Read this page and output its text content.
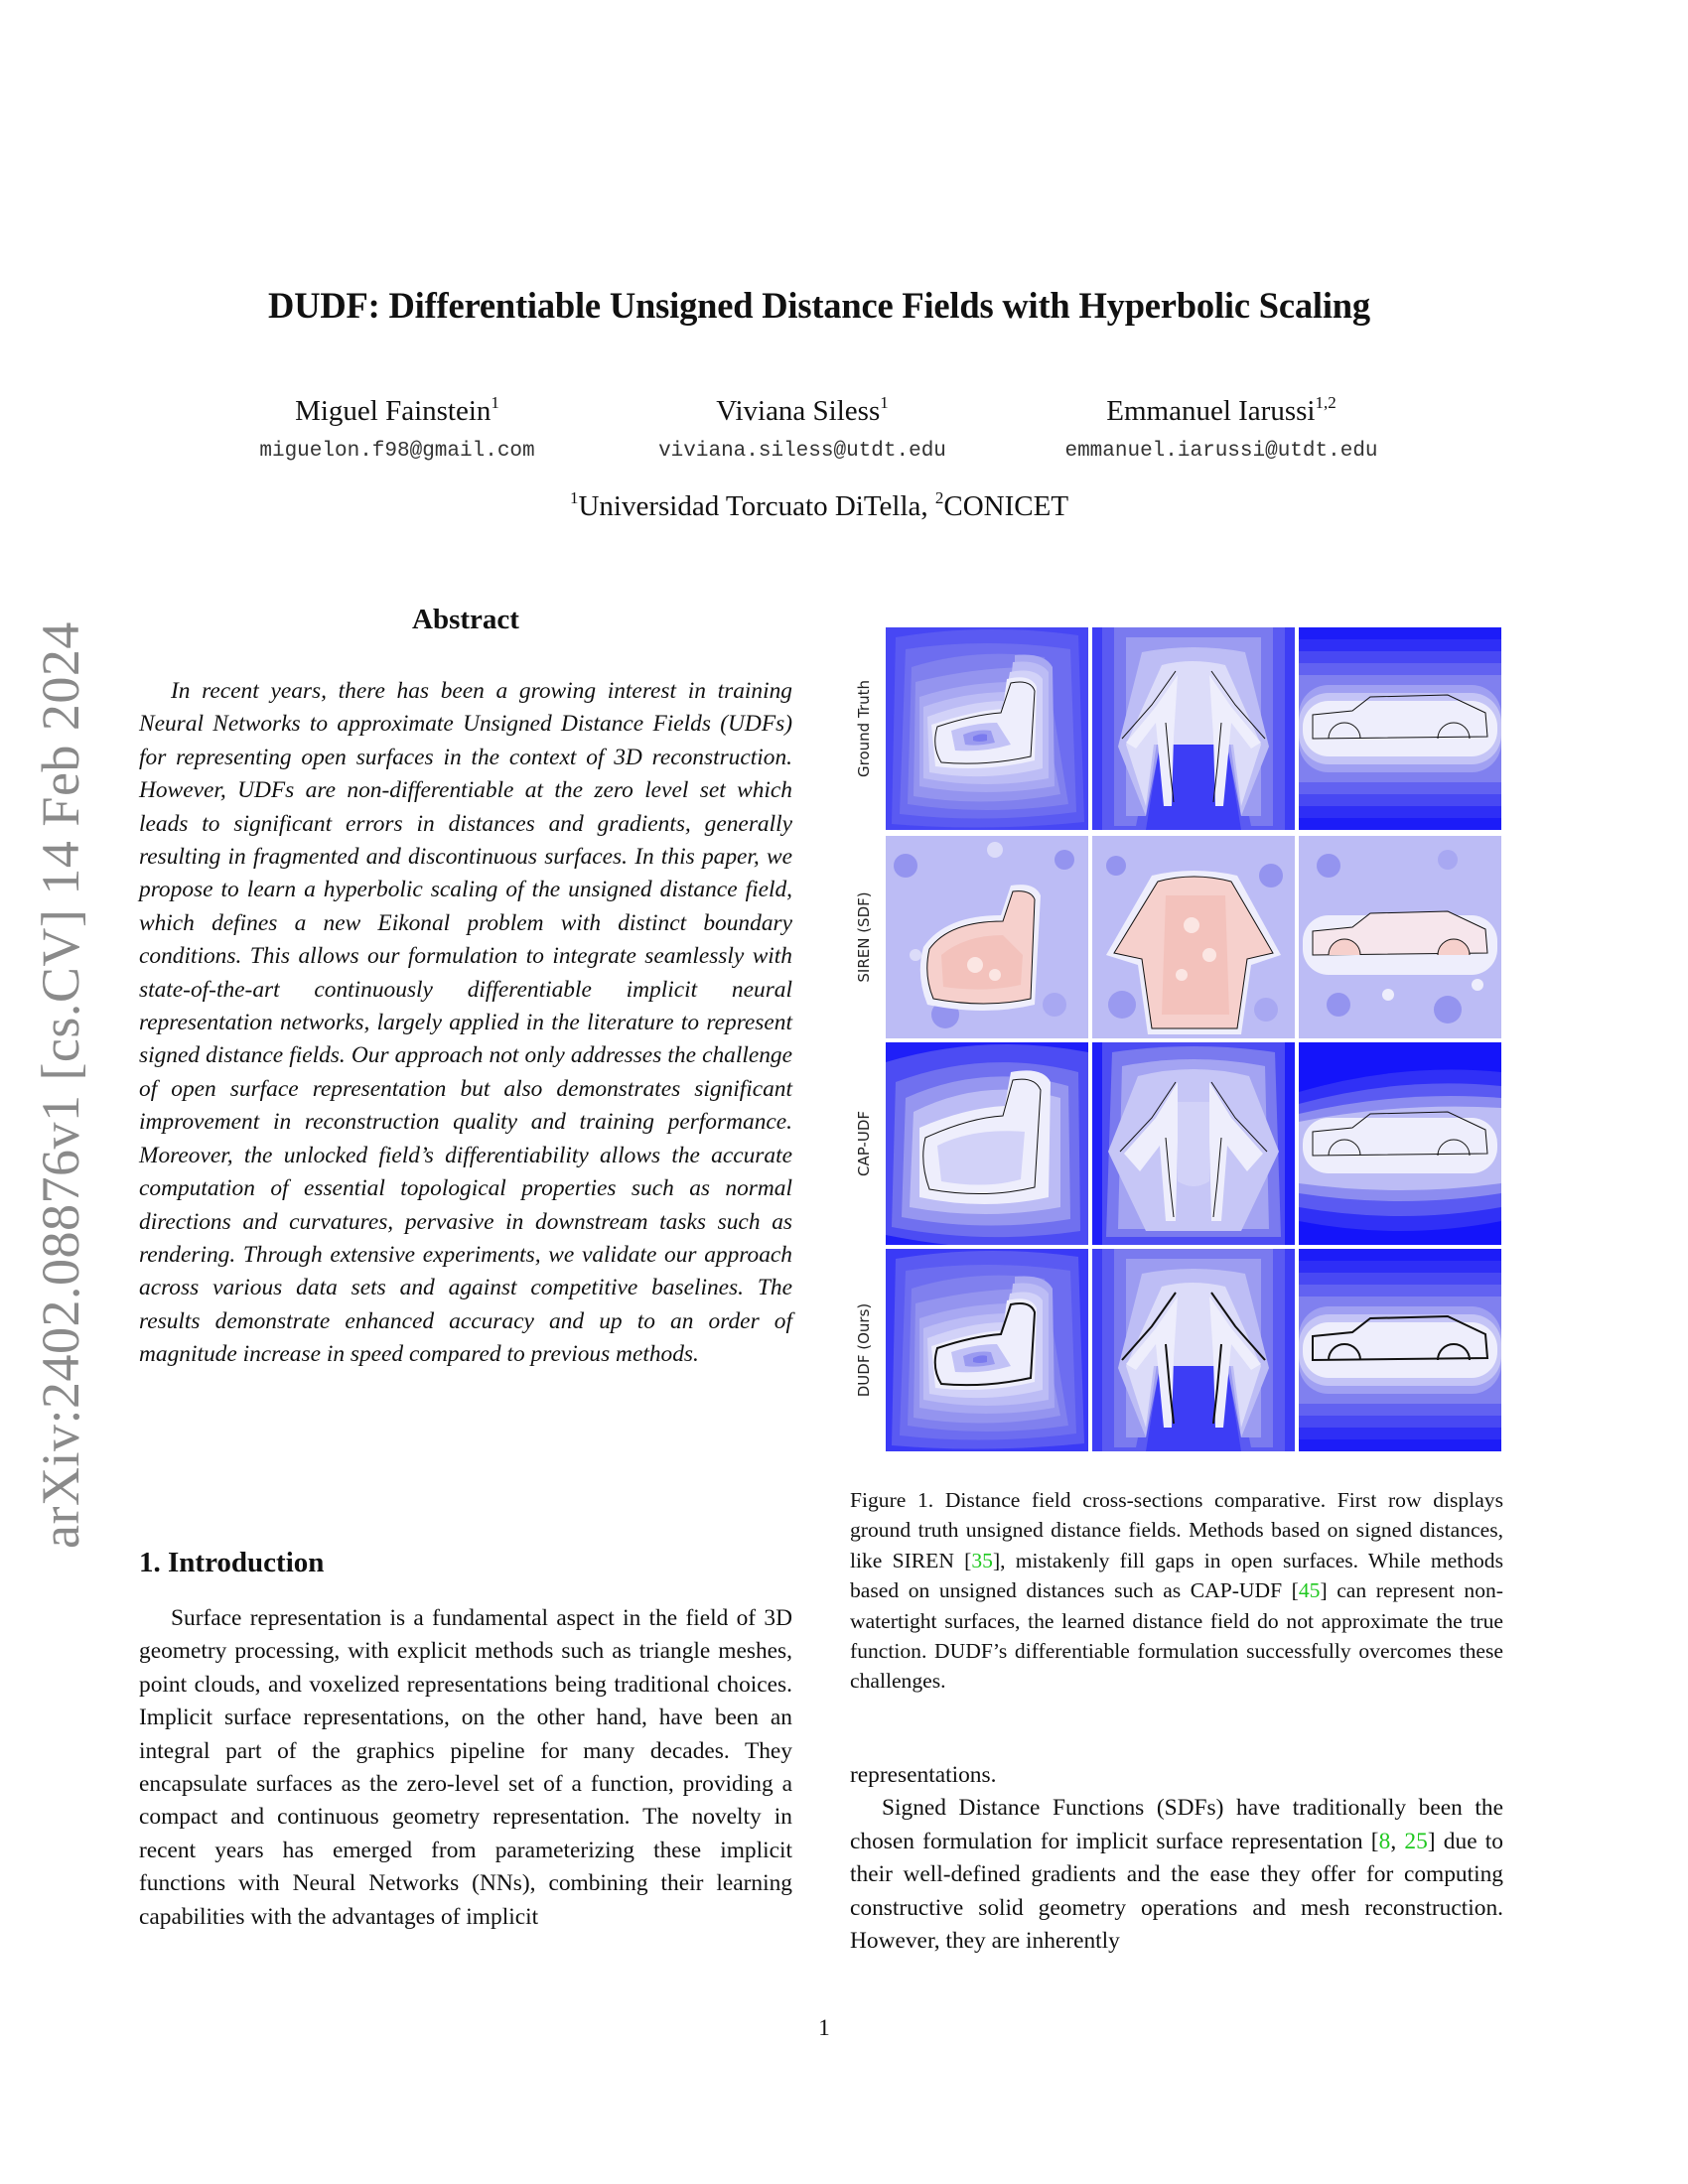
arXiv:2402.08876v1 [cs.CV] 14 Feb 2024
DUDF: Differentiable Unsigned Distance Fields with Hyperbolic Scaling
Miguel Fainstein$^1$
miguelon.f98@gmail.com
Viviana Siless$^1$
viviana.siless@utdt.edu
Emmanuel Iarussi$^{1,2}$
emmanuel.iarussi@utdt.edu
$^1$Universidad Torcuato DiTella, $^2$CONICET
Abstract

In recent years, there has been a growing interest in training Neural Networks to approximate Unsigned Distance Fields (UDFs) for representing open surfaces in the context of 3D reconstruction. However, UDFs are non-differentiable at the zero level set which leads to significant errors in distances and gradients, generally resulting in fragmented and discontinuous surfaces. In this paper, we propose to learn a hyperbolic scaling of the unsigned distance field, which defines a new Eikonal problem with distinct boundary conditions. This allows our formulation to integrate seamlessly with state-of-the-art continuously differentiable implicit neural representation networks, largely applied in the literature to represent signed distance fields. Our approach not only addresses the challenge of open surface representation but also demonstrates significant improvement in reconstruction quality and training performance. Moreover, the unlocked field’s differentiability allows the accurate computation of essential topological properties such as normal directions and curvatures, pervasive in downstream tasks such as rendering. Through extensive experiments, we validate our approach across various data sets and against competitive baselines. The results demonstrate enhanced accuracy and up to an order of magnitude increase in speed compared to previous methods.

1. Introduction

Surface representation is a fundamental aspect in the field of 3D geometry processing, with explicit methods such as triangle meshes, point clouds, and voxelized representations being traditional choices. Implicit surface representations, on the other hand, have been an integral part of the graphics pipeline for many decades. They encapsulate surfaces as the zero-level set of a function, providing a compact and continuous geometry representation. The novelty in recent years has emerged from parameterizing these implicit functions with Neural Networks (NNs), combining their learning capabilities with the advantages of implicit

Ground Truth
SIREN (SDF)
CAP-UDF
DUDF (Ours)

Figure 1. Distance field cross-sections comparative. First row displays ground truth unsigned distance fields. Methods based on signed distances, like SIREN [35], mistakenly fill gaps in open surfaces. While methods based on unsigned distances such as CAP-UDF [45] can represent non-watertight surfaces, the learned distance field do not approximate the true function. DUDF’s differentiable formulation successfully overcomes these challenges.

representations.

Signed Distance Functions (SDFs) have traditionally been the chosen formulation for implicit surface representation [8, 25] due to their well-defined gradients and the ease they offer for computing constructive solid geometry operations and mesh reconstruction. However, they are inherently

1
